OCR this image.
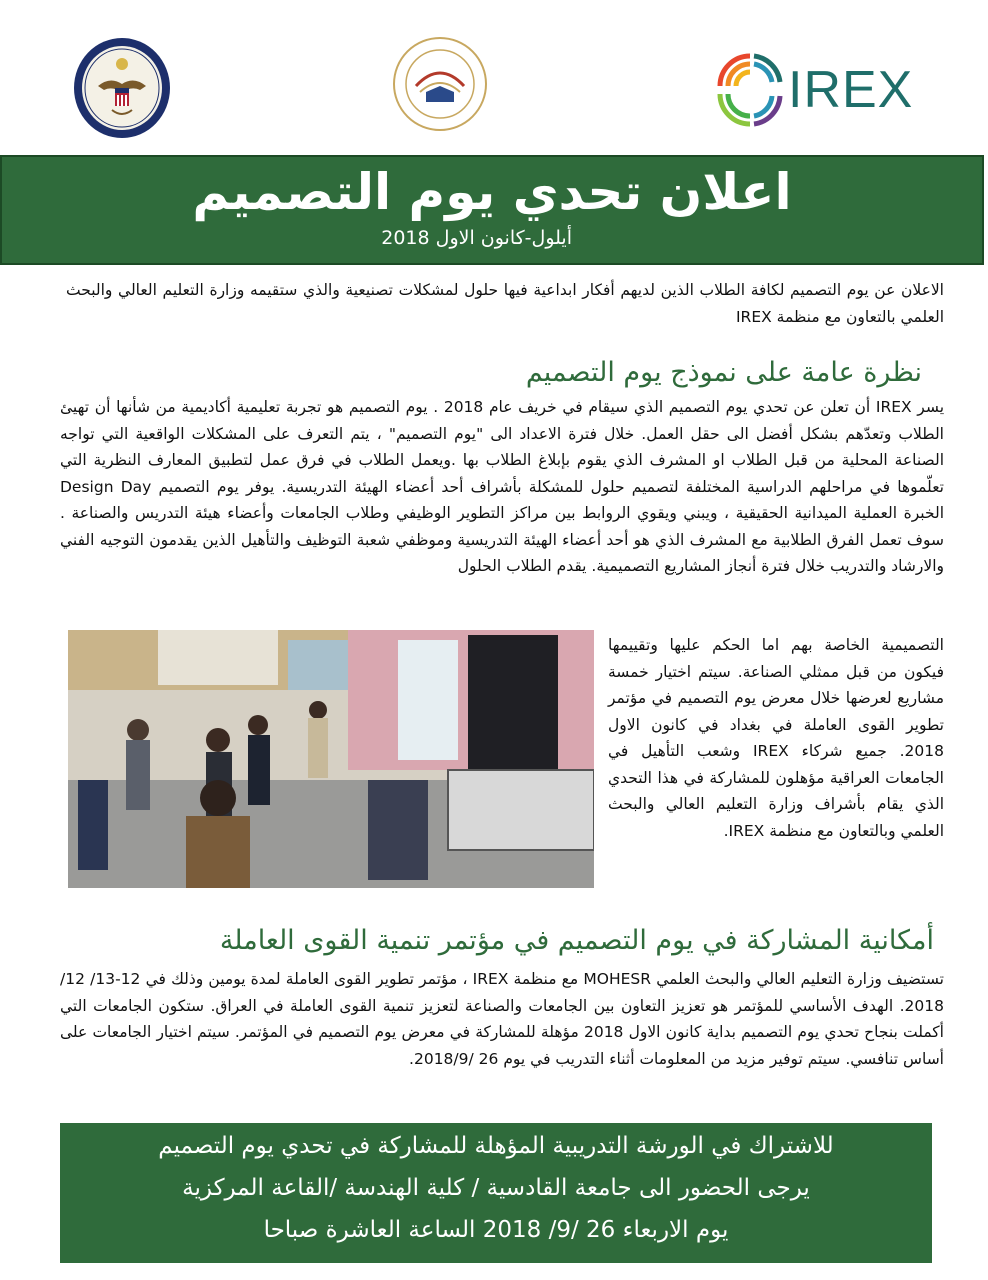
IREX
اعلان تحدي يوم التصميم
أيلول-كانون الاول 2018
الاعلان عن يوم التصميم لكافة الطلاب الذين لديهم أفكار ابداعية فيها حلول لمشكلات تصنيعية والذي ستقيمه وزارة التعليم العالي والبحث العلمي بالتعاون مع منظمة IREX
نظرة عامة على نموذج يوم التصميم
يسر IREX أن تعلن عن تحدي يوم التصميم الذي سيقام في خريف عام 2018 . يوم التصميم هو تجربة تعليمية أكاديمية من شأنها أن تهيئ الطلاب وتعدّهم بشكل أفضل الى حقل العمل. خلال فترة الاعداد الى "يوم التصميم" ، يتم التعرف على المشكلات الواقعية التي تواجه الصناعة المحلية من قبل الطلاب او المشرف الذي يقوم بإبلاغ الطلاب بها .ويعمل الطلاب في فرق عمل لتطبيق المعارف النظرية التي تعلّموها في مراحلهم الدراسية المختلفة لتصميم حلول للمشكلة بأشراف أحد أعضاء الهيئة التدريسية. يوفر يوم التصميم Design Day الخبرة العملية الميدانية الحقيقية ، ويبني ويقوي الروابط بين مراكز التطوير الوظيفي وطلاب الجامعات وأعضاء هيئة التدريس والصناعة . سوف تعمل الفرق الطلابية مع المشرف الذي هو أحد أعضاء الهيئة التدريسية وموظفي شعبة التوظيف والتأهيل الذين يقدمون التوجيه الفني والارشاد والتدريب خلال فترة أنجاز المشاريع التصميمية. يقدم الطلاب الحلول
التصميمية الخاصة بهم اما الحكم عليها وتقييمها فيكون من قبل ممثلي الصناعة. سيتم اختيار خمسة مشاريع لعرضها خلال معرض يوم التصميم في مؤتمر تطوير القوى العاملة في بغداد في كانون الاول 2018. جميع شركاء IREX وشعب التأهيل في الجامعات العراقية مؤهلون للمشاركة في هذا التحدي الذي يقام بأشراف وزارة التعليم العالي والبحث العلمي وبالتعاون مع منظمة IREX.
أمكانية المشاركة في يوم التصميم في مؤتمر تنمية القوى العاملة
تستضيف وزارة التعليم العالي والبحث العلمي MOHESR مع منظمة IREX ، مؤتمر تطوير القوى العاملة لمدة يومين وذلك في 12-13/ 12/ 2018. الهدف الأساسي للمؤتمر هو تعزيز التعاون بين الجامعات والصناعة لتعزيز تنمية القوى العاملة في العراق. ستكون الجامعات التي أكملت بنجاح تحدي يوم التصميم بداية كانون الاول 2018 مؤهلة للمشاركة في معرض يوم التصميم في المؤتمر. سيتم اختيار الجامعات على أساس تنافسي. سيتم توفير مزيد من المعلومات أثناء التدريب في يوم 26 /2018/9.
للاشتراك في الورشة التدريبية المؤهلة للمشاركة في تحدي يوم التصميم
يرجى الحضور الى جامعة القادسية / كلية الهندسة /القاعة المركزية
يوم الاربعاء 26 /9/ 2018 الساعة العاشرة صباحا
